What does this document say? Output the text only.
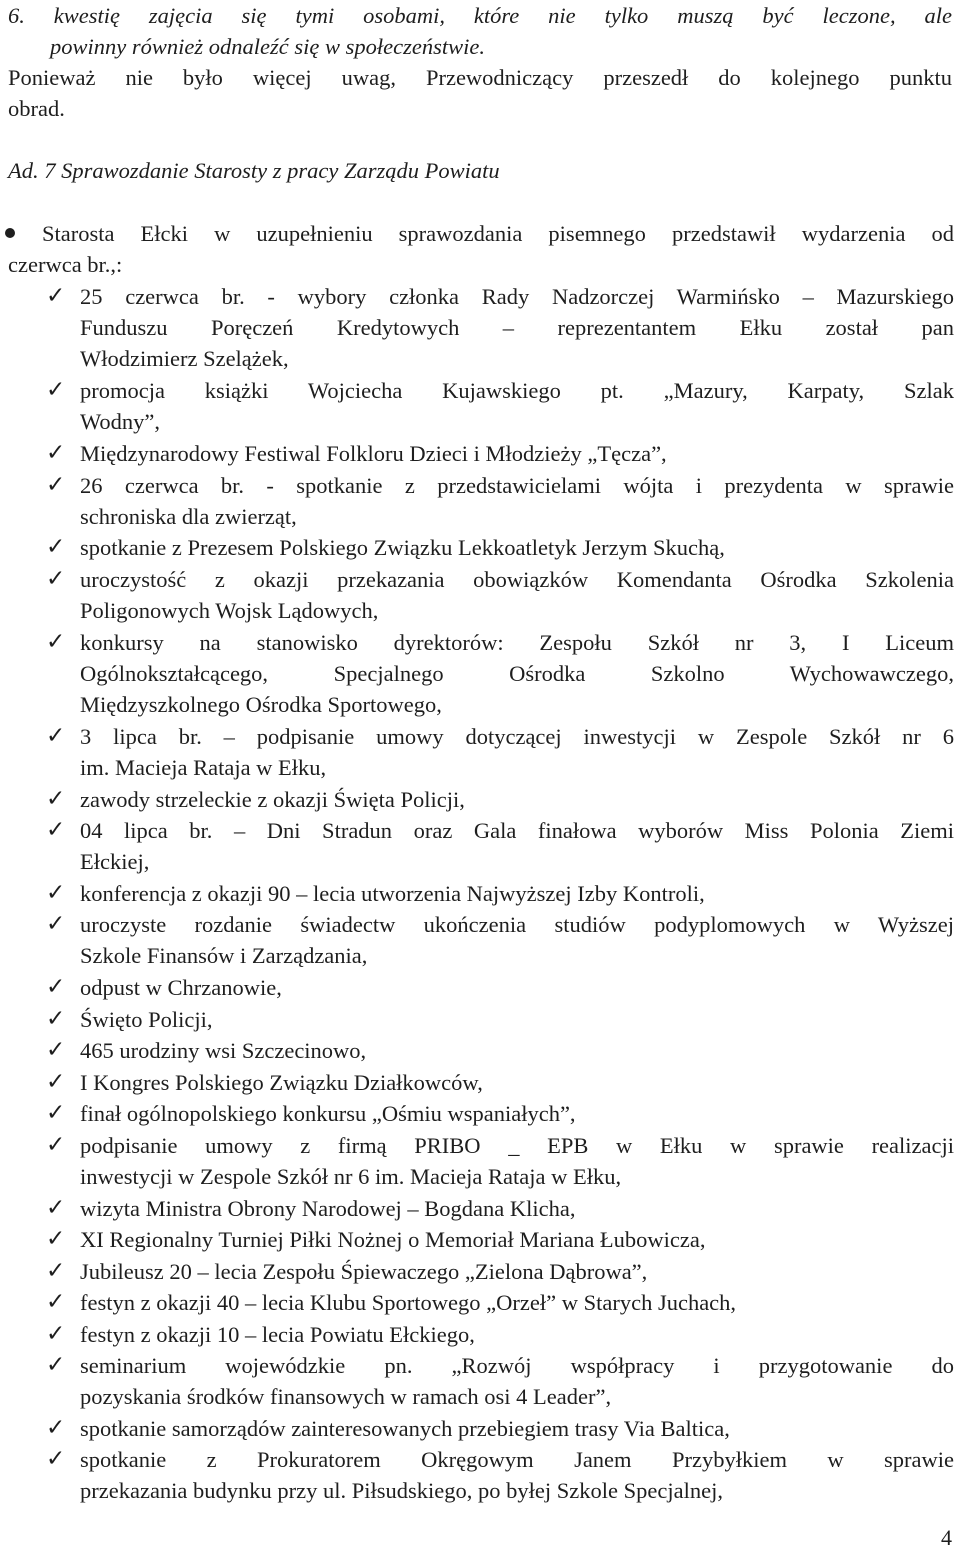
6. kwestię zajęcia się tymi osobami, które nie tylko muszą być leczone, ale
powinny również odnaleźć się w społeczeństwie.
Ponieważ nie było więcej uwag, Przewodniczący przeszedł do kolejnego punktu
obrad.
Ad. 7 Sprawozdanie Starosty z pracy Zarządu Powiatu
Starosta Ełcki w uzupełnieniu sprawozdania pisemnego przedstawił wydarzenia od
czerwca br.,:
✓ 25 czerwca br. - wybory członka Rady Nadzorczej Warmińsko – Mazurskiego
Funduszu Poręczeń Kredytowych – reprezentantem Ełku został pan
Włodzimierz Szelążek,
✓ promocja książki Wojciecha Kujawskiego pt. „Mazury, Karpaty, Szlak
Wodny”,
✓ Międzynarodowy Festiwal Folkloru Dzieci i Młodzieży „Tęcza”,
✓ 26 czerwca br. - spotkanie z przedstawicielami wójta i prezydenta w sprawie
schroniska dla zwierząt,
✓ spotkanie z Prezesem Polskiego Związku Lekkoatletyk Jerzym Skuchą,
✓ uroczystość z okazji przekazania obowiązków Komendanta Ośrodka Szkolenia
Poligonowych Wojsk Lądowych,
✓ konkursy na stanowisko dyrektorów: Zespołu Szkół nr 3, I Liceum
Ogólnokształcącego, Specjalnego Ośrodka Szkolno Wychowawczego,
Międzyszkolnego Ośrodka Sportowego,
✓ 3 lipca br. – podpisanie umowy dotyczącej inwestycji w Zespole Szkół nr 6
im. Macieja Rataja w Ełku,
✓ zawody strzeleckie z okazji Święta Policji,
✓ 04 lipca br. – Dni Stradun oraz Gala finałowa wyborów Miss Polonia Ziemi
Ełckiej,
✓ konferencja z okazji 90 – lecia utworzenia Najwyższej Izby Kontroli,
✓ uroczyste rozdanie świadectw ukończenia studiów podyplomowych w Wyższej
Szkole Finansów i Zarządzania,
✓ odpust w Chrzanowie,
✓ Święto Policji,
✓ 465 urodziny wsi Szczecinowo,
✓ I Kongres Polskiego Związku Działkowców,
✓ finał ogólnopolskiego konkursu „Ośmiu wspaniałych”,
✓ podpisanie umowy z firmą PRIBO _ EPB w Ełku w sprawie realizacji
inwestycji w Zespole Szkół nr 6 im. Macieja Rataja w Ełku,
✓ wizyta Ministra Obrony Narodowej – Bogdana Klicha,
✓ XI Regionalny Turniej Piłki Nożnej o Memoriał Mariana Łubowicza,
✓ Jubileusz 20 – lecia Zespołu Śpiewaczego „Zielona Dąbrowa”,
✓ festyn z okazji 40 – lecia Klubu Sportowego „Orzeł” w Starych Juchach,
✓ festyn z okazji 10 – lecia Powiatu Ełckiego,
✓ seminarium wojewódzkie pn. „Rozwój współpracy i przygotowanie do
pozyskania środków finansowych w ramach osi 4 Leader”,
✓ spotkanie samorządów zainteresowanych przebiegiem trasy Via Baltica,
✓ spotkanie z Prokuratorem Okręgowym Janem Przybyłkiem w sprawie
przekazania budynku przy ul. Piłsudskiego, po byłej Szkole Specjalnej,
4
